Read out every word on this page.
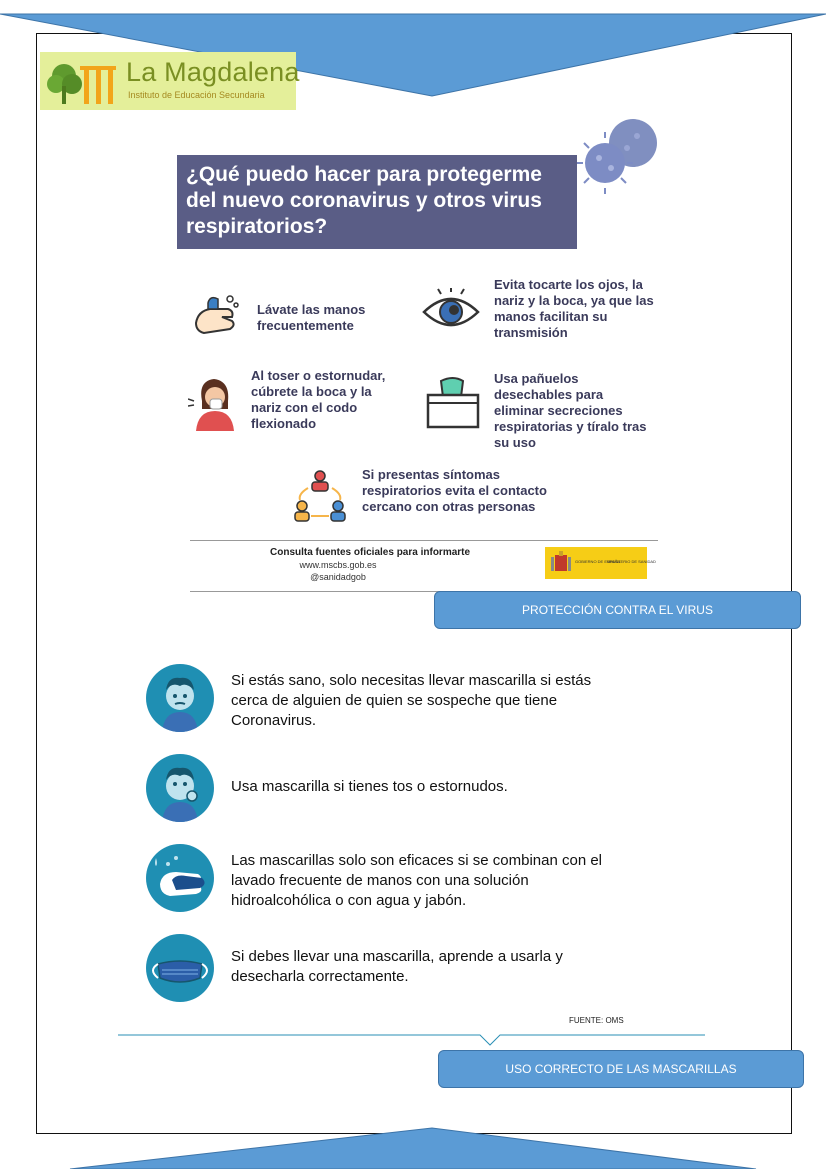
La Magdalena
Instituto de Educación Secundaria
¿Qué puedo hacer para protegerme del nuevo coronavirus y otros virus respiratorios?
Lávate las manos frecuentemente
Evita tocarte los ojos, la nariz y la boca, ya que las manos facilitan su transmisión
Al toser o estornudar, cúbrete la boca y la nariz con el codo flexionado
Usa pañuelos desechables para eliminar secreciones respiratorias y tíralo tras su uso
Si presentas síntomas respiratorios evita el contacto cercano con otras personas
Consulta fuentes oficiales para informarte
www.mscbs.gob.es
@sanidadgob
GOBIERNO DE ESPAÑA
MINISTERIO DE SANIDAD
PROTECCIÓN CONTRA EL VIRUS
Si estás sano, solo necesitas llevar mascarilla si estás cerca de alguien de quien se sospeche que tiene Coronavirus.
Usa mascarilla si tienes tos o estornudos.
Las mascarillas solo son eficaces si se combinan con el lavado frecuente de manos con una solución hidroalcohólica o con agua y jabón.
Si debes llevar una mascarilla, aprende a usarla y desecharla correctamente.
FUENTE: OMS
USO CORRECTO DE LAS MASCARILLAS
